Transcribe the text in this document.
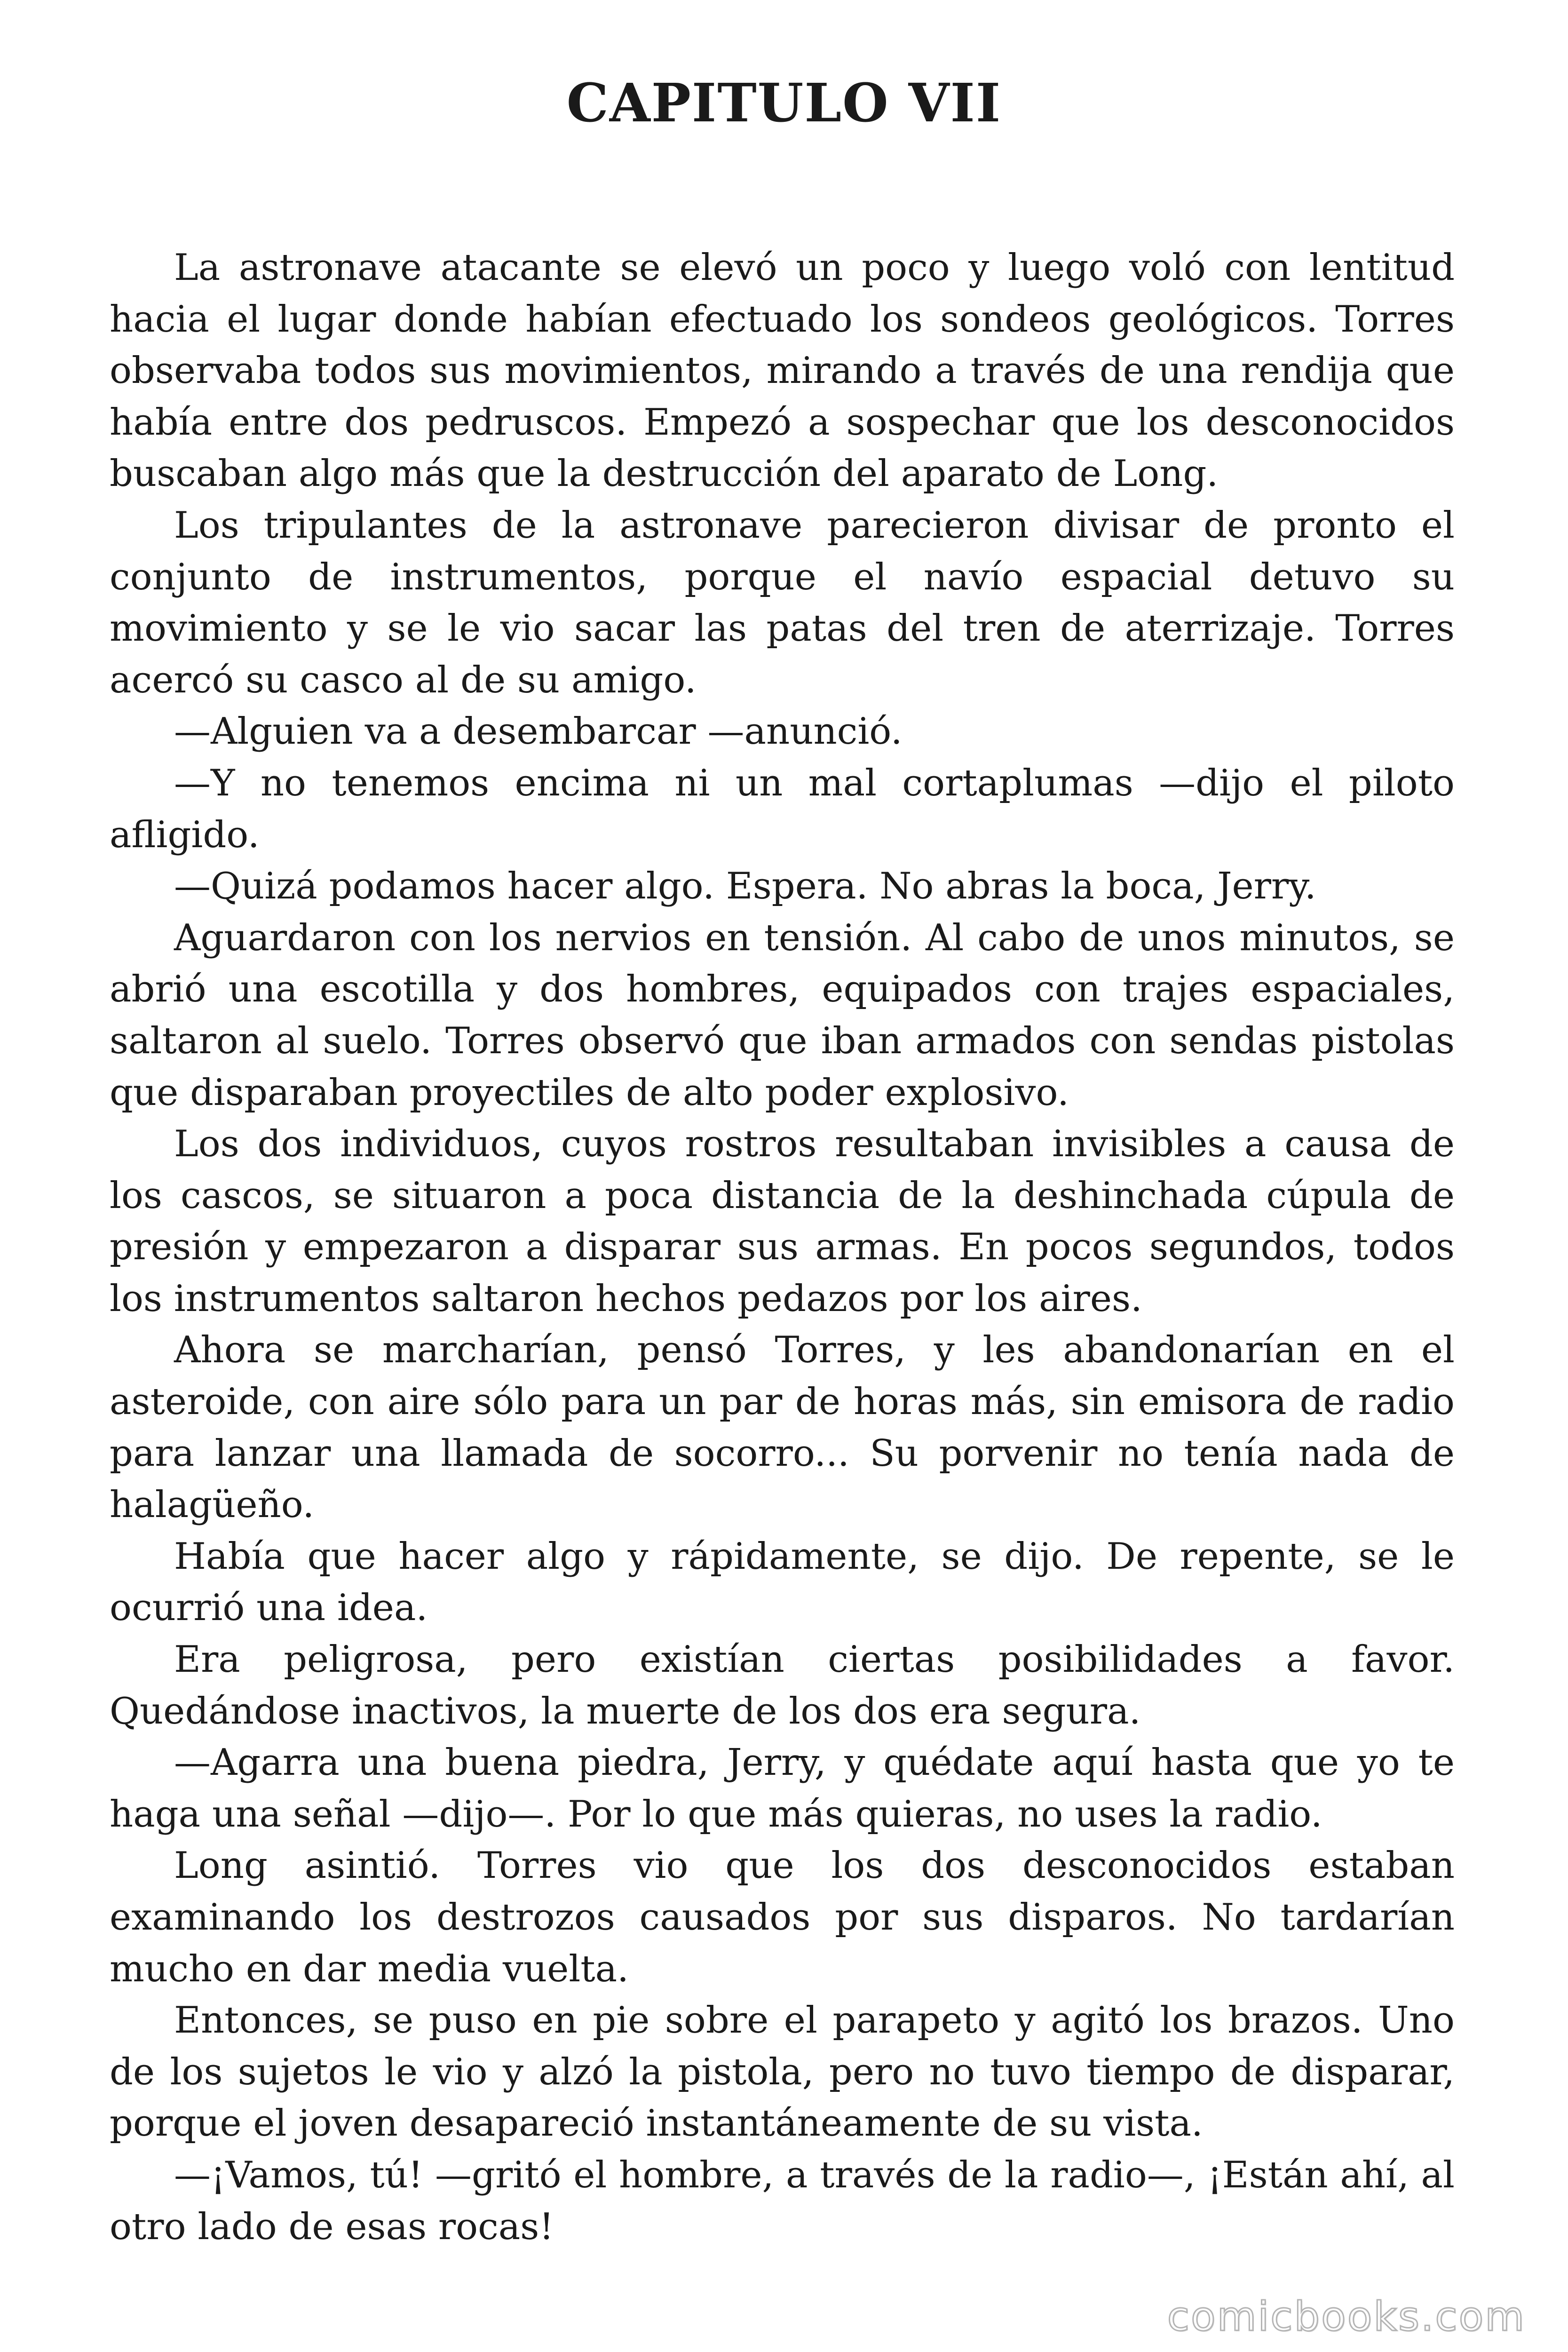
CAPITULO VII

La astronave atacante se elevó un poco y luego voló con lentitud hacia el lugar donde habían efectuado los sondeos geológicos. Torres observaba todos sus movimientos, mirando a través de una rendija que había entre dos pedruscos. Empezó a sospechar que los desconocidos buscaban algo más que la destrucción del aparato de Long.

Los tripulantes de la astronave parecieron divisar de pronto el conjunto de instrumentos, porque el navío espacial detuvo su movimiento y se le vio sacar las patas del tren de aterrizaje. Torres acercó su casco al de su amigo.

—Alguien va a desembarcar —anunció.

—Y no tenemos encima ni un mal cortaplumas —dijo el piloto afligido.

—Quizá podamos hacer algo. Espera. No abras la boca, Jerry.

Aguardaron con los nervios en tensión. Al cabo de unos minutos, se abrió una escotilla y dos hombres, equipados con trajes espaciales, saltaron al suelo. Torres observó que iban armados con sendas pistolas que disparaban proyectiles de alto poder explosivo.

Los dos individuos, cuyos rostros resultaban invisibles a causa de los cascos, se situaron a poca distancia de la deshinchada cúpula de presión y empezaron a disparar sus armas. En pocos segundos, todos los instrumentos saltaron hechos pedazos por los aires.

Ahora se marcharían, pensó Torres, y les abandonarían en el asteroide, con aire sólo para un par de horas más, sin emisora de radio para lanzar una llamada de socorro... Su porvenir no tenía nada de halagüeño.

Había que hacer algo y rápidamente, se dijo. De repente, se le ocurrió una idea.

Era peligrosa, pero existían ciertas posibilidades a favor. Quedándose inactivos, la muerte de los dos era segura.

—Agarra una buena piedra, Jerry, y quédate aquí hasta que yo te haga una señal —dijo—. Por lo que más quieras, no uses la radio.

Long asintió. Torres vio que los dos desconocidos estaban examinando los destrozos causados por sus disparos. No tardarían mucho en dar media vuelta.

Entonces, se puso en pie sobre el parapeto y agitó los brazos. Uno de los sujetos le vio y alzó la pistola, pero no tuvo tiempo de disparar, porque el joven desapareció instantáneamente de su vista.

—¡Vamos, tú! —gritó el hombre, a través de la radio—, ¡Están ahí, al otro lado de esas rocas!

comicbooks.com
